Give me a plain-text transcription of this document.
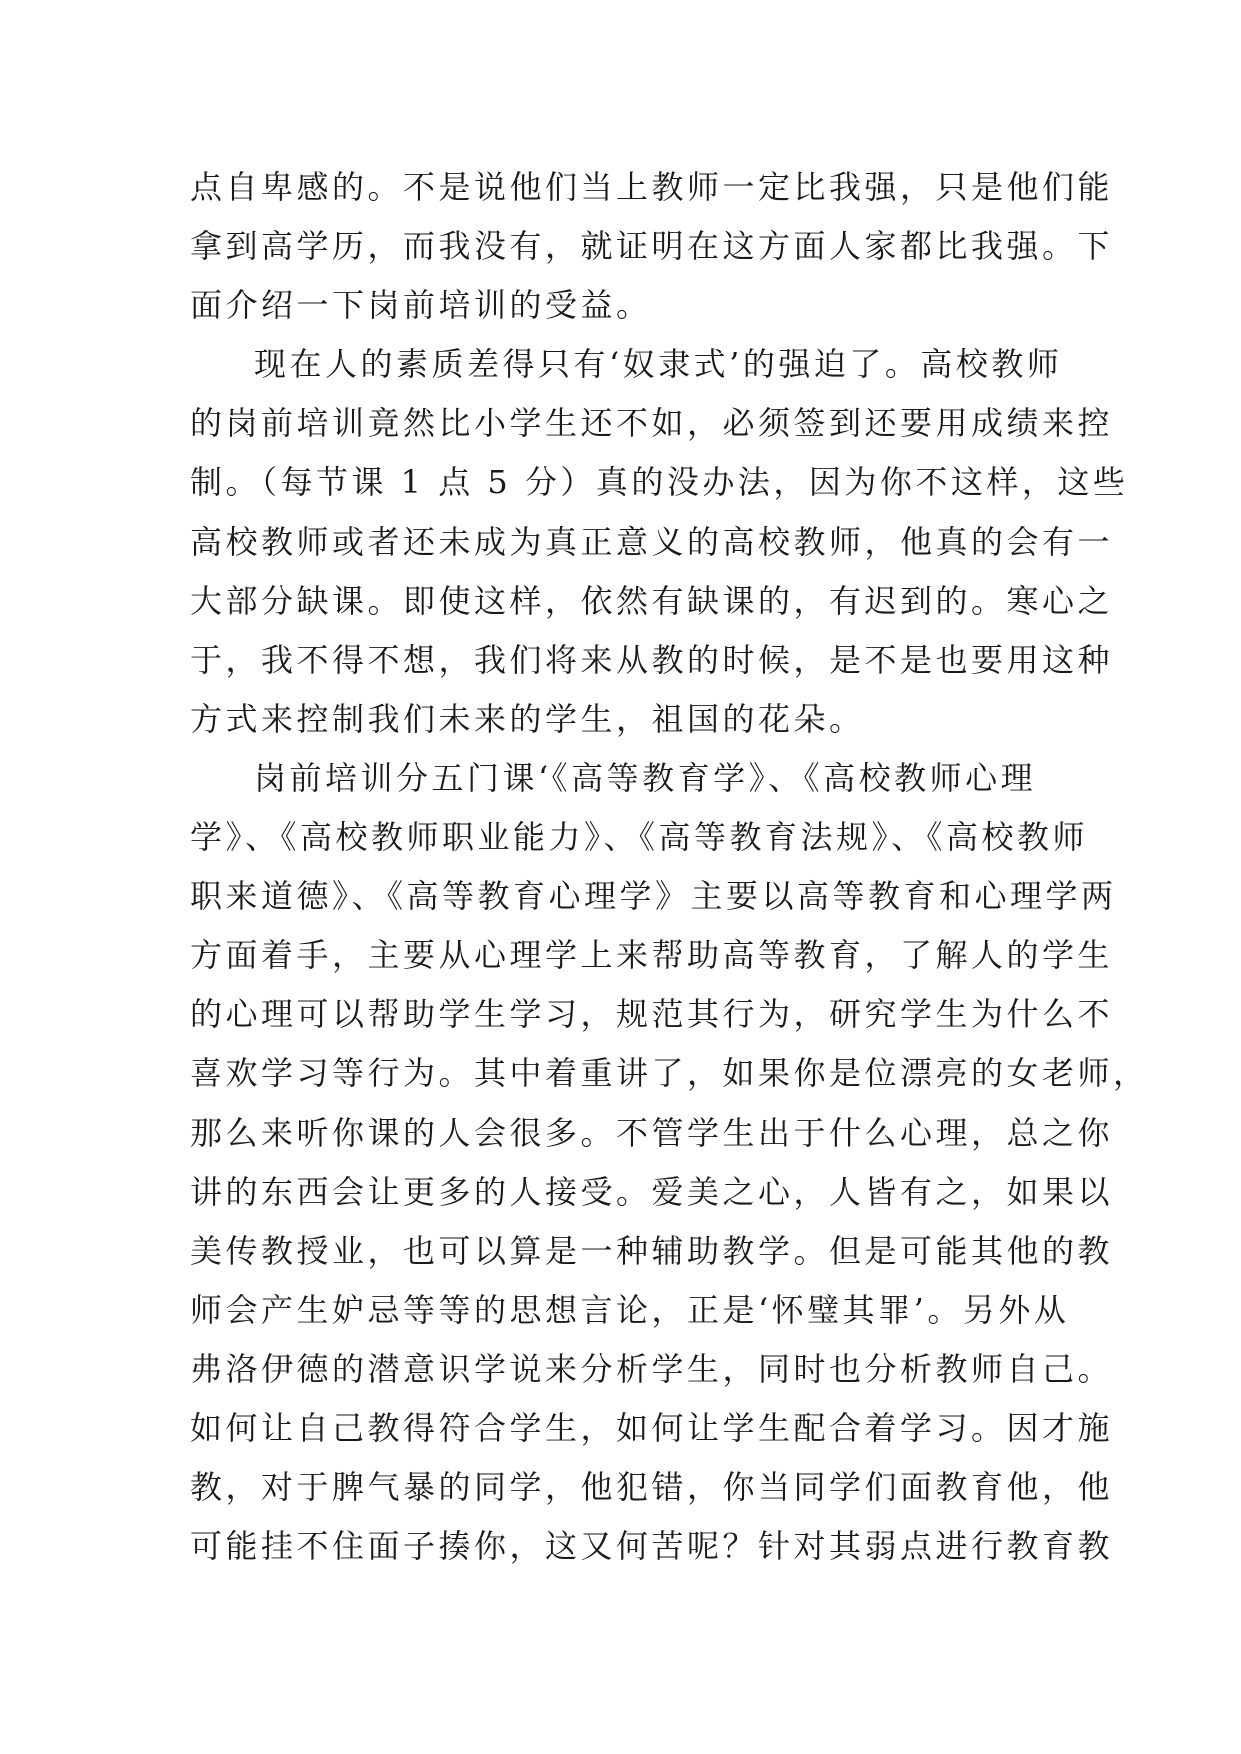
点自卑感的。不是说他们当上教师一定比我强，只是他们能
拿到高学历，而我没有，就证明在这方面人家都比我强。下
面介绍一下岗前培训的受益。
现在人的素质差得只有‘奴隶式’的强迫了。高校教师
的岗前培训竟然比小学生还不如，必须签到还要用成绩来控
制。（每节课 1 点 5 分）真的没办法，因为你不这样，这些
高校教师或者还未成为真正意义的高校教师，他真的会有一
大部分缺课。即使这样，依然有缺课的，有迟到的。寒心之
于，我不得不想，我们将来从教的时候，是不是也要用这种
方式来控制我们未来的学生，祖国的花朵。
岗前培训分五门课‘《高等教育学》、《高校教师心理
学》、《高校教师职业能力》、《高等教育法规》、《高校教师
职来道德》、《高等教育心理学》主要以高等教育和心理学两
方面着手，主要从心理学上来帮助高等教育，了解人的学生
的心理可以帮助学生学习，规范其行为，研究学生为什么不
喜欢学习等行为。其中着重讲了，如果你是位漂亮的女老师，
那么来听你课的人会很多。不管学生出于什么心理，总之你
讲的东西会让更多的人接受。爱美之心，人皆有之，如果以
美传教授业，也可以算是一种辅助教学。但是可能其他的教
师会产生妒忌等等的思想言论，正是‘怀璧其罪’。另外从
弗洛伊德的潜意识学说来分析学生，同时也分析教师自己。
如何让自己教得符合学生，如何让学生配合着学习。因才施
教，对于脾气暴的同学，他犯错，你当同学们面教育他，他
可能挂不住面子揍你，这又何苦呢？针对其弱点进行教育教
